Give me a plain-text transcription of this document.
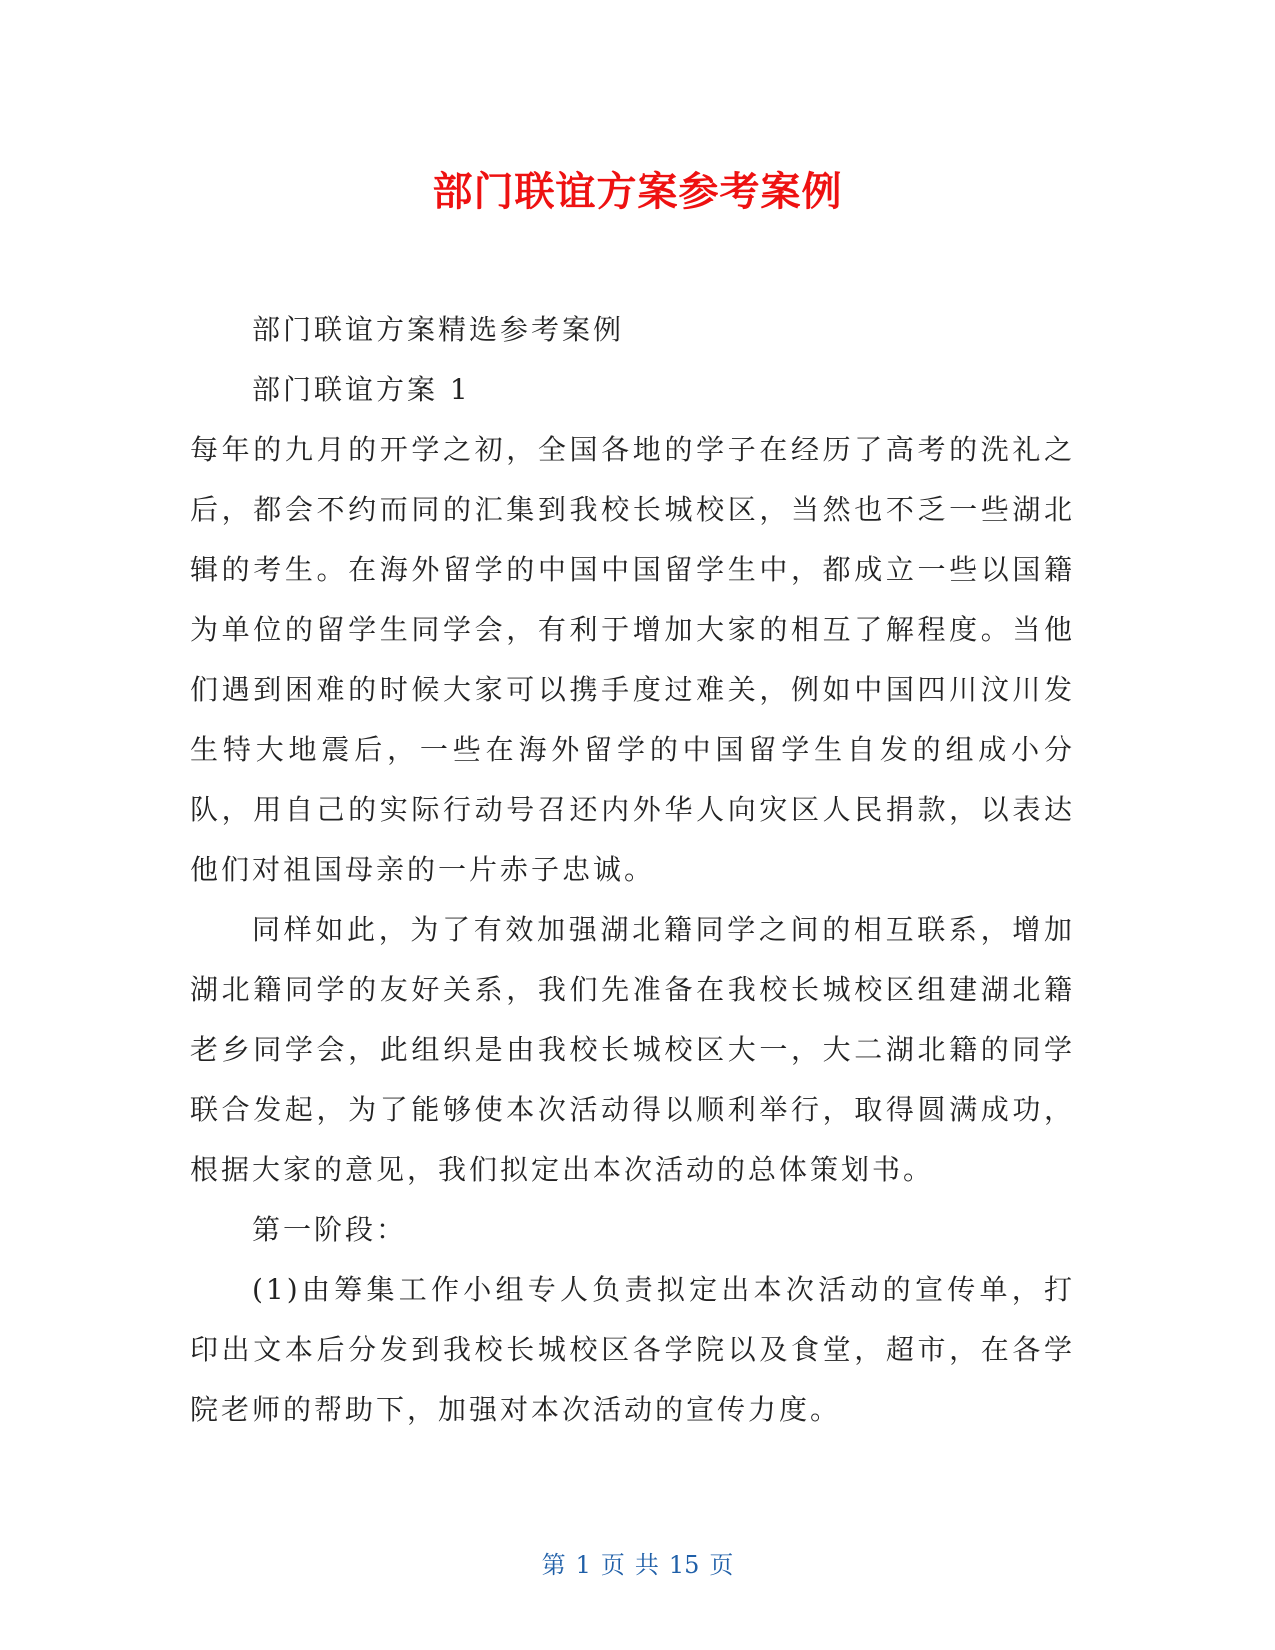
部门联谊方案参考案例

部门联谊方案精选参考案例

部门联谊方案 1

每年的九月的开学之初，全国各地的学子在经历了高考的洗礼之后，都会不约而同的汇集到我校长城校区，当然也不乏一些湖北辑的考生。在海外留学的中国中国留学生中，都成立一些以国籍为单位的留学生同学会，有利于增加大家的相互了解程度。当他们遇到困难的时候大家可以携手度过难关，例如中国四川汶川发生特大地震后，一些在海外留学的中国留学生自发的组成小分队，用自己的实际行动号召还内外华人向灾区人民捐款，以表达他们对祖国母亲的一片赤子忠诚。

同样如此，为了有效加强湖北籍同学之间的相互联系，增加湖北籍同学的友好关系，我们先准备在我校长城校区组建湖北籍老乡同学会，此组织是由我校长城校区大一，大二湖北籍的同学联合发起，为了能够使本次活动得以顺利举行，取得圆满成功，根据大家的意见，我们拟定出本次活动的总体策划书。

第一阶段：

(1)由筹集工作小组专人负责拟定出本次活动的宣传单，打印出文本后分发到我校长城校区各学院以及食堂，超市，在各学院老师的帮助下，加强对本次活动的宣传力度。

第 1 页 共 15 页
